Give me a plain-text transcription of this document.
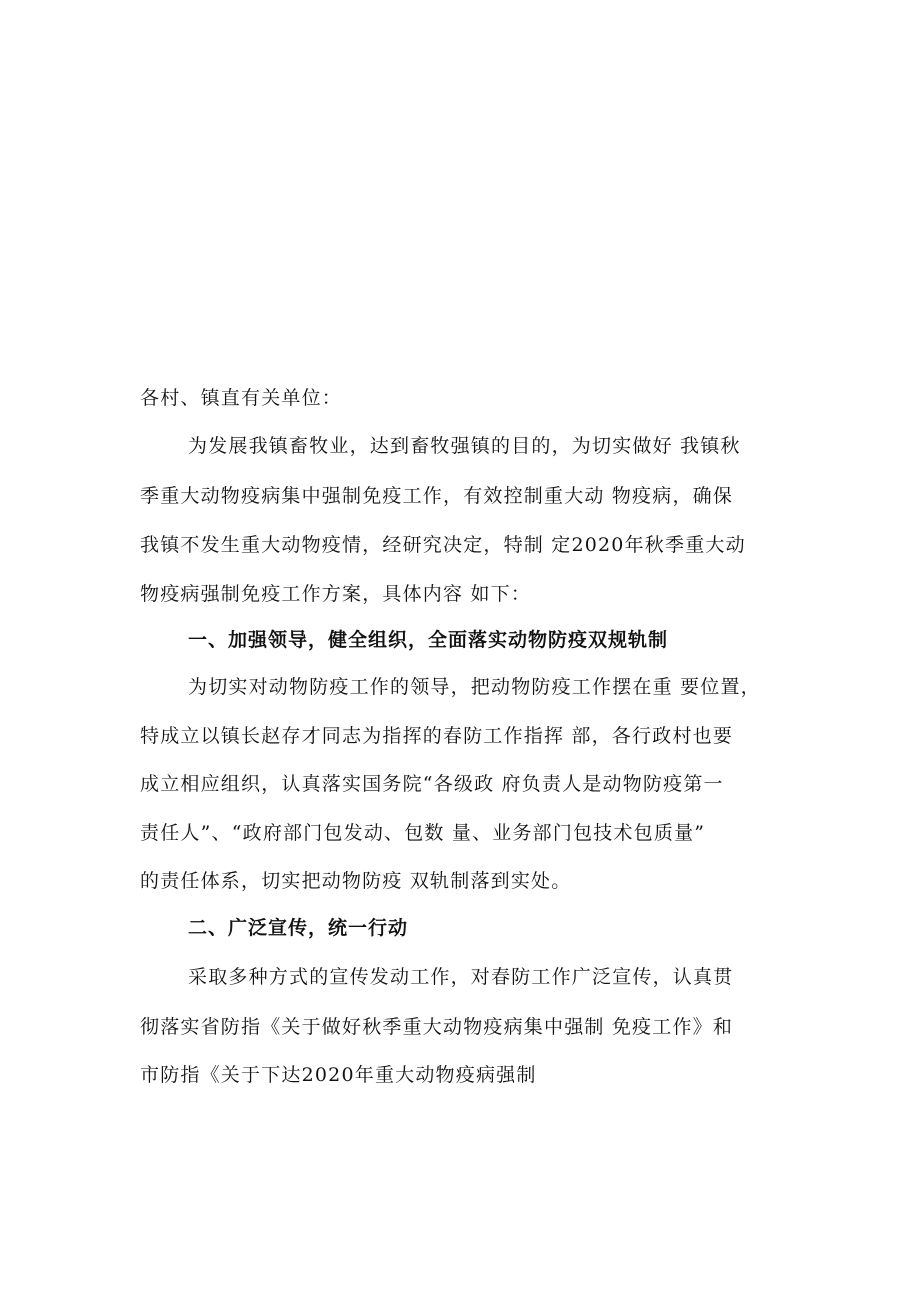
各村、镇直有关单位：
为发展我镇畜牧业，达到畜牧强镇的目的，为切实做好 我镇秋
季重大动物疫病集中强制免疫工作，有效控制重大动 物疫病，确保
我镇不发生重大动物疫情，经研究决定，特制 定2020年秋季重大动
物疫病强制免疫工作方案，具体内容 如下：
一、加强领导，健全组织，全面落实动物防疫双规轨制
为切实对动物防疫工作的领导，把动物防疫工作摆在重 要位置，
特成立以镇长赵存才同志为指挥的春防工作指挥 部，各行政村也要
成立相应组织，认真落实国务院“各级政 府负责人是动物防疫第一
责任人”、“政府部门包发动、包数 量、业务部门包技术包质量”
的责任体系，切实把动物防疫 双轨制落到实处。
二、广泛宣传，统一行动
采取多种方式的宣传发动工作，对春防工作广泛宣传，认真贯
彻落实省防指《关于做好秋季重大动物疫病集中强制 免疫工作》和
市防指《关于下达2020年重大动物疫病强制
